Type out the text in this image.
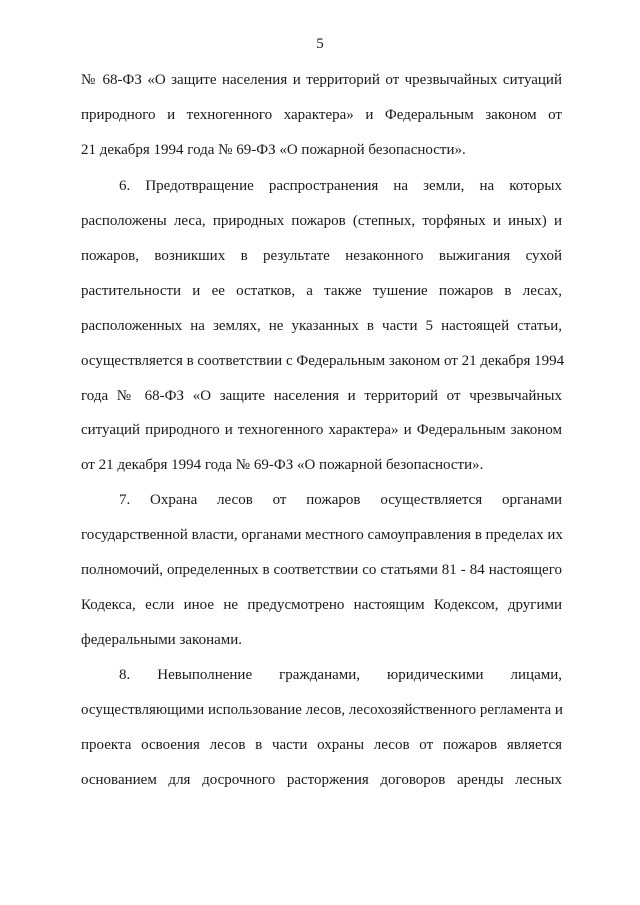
5
№ 68-ФЗ «О защите населения и территорий от чрезвычайных ситуаций
природного и техногенного характера» и Федеральным законом от
21 декабря 1994 года № 69-ФЗ «О пожарной безопасности».
6. Предотвращение распространения на земли, на которых
расположены леса, природных пожаров (степных, торфяных и иных) и
пожаров, возникших в результате незаконного выжигания сухой
растительности и ее остатков, а также тушение пожаров в лесах,
расположенных на землях, не указанных в части 5 настоящей статьи,
осуществляется в соответствии с Федеральным законом от 21 декабря 1994
года № 68-ФЗ «О защите населения и территорий от чрезвычайных
ситуаций природного и техногенного характера» и Федеральным законом
от 21 декабря 1994 года № 69-ФЗ «О пожарной безопасности».
7. Охрана лесов от пожаров осуществляется органами
государственной власти, органами местного самоуправления в пределах их
полномочий, определенных в соответствии со статьями 81 - 84 настоящего
Кодекса, если иное не предусмотрено настоящим Кодексом, другими
федеральными законами.
8. Невыполнение гражданами, юридическими лицами,
осуществляющими использование лесов, лесохозяйственного регламента и
проекта освоения лесов в части охраны лесов от пожаров является
основанием для досрочного расторжения договоров аренды лесных
